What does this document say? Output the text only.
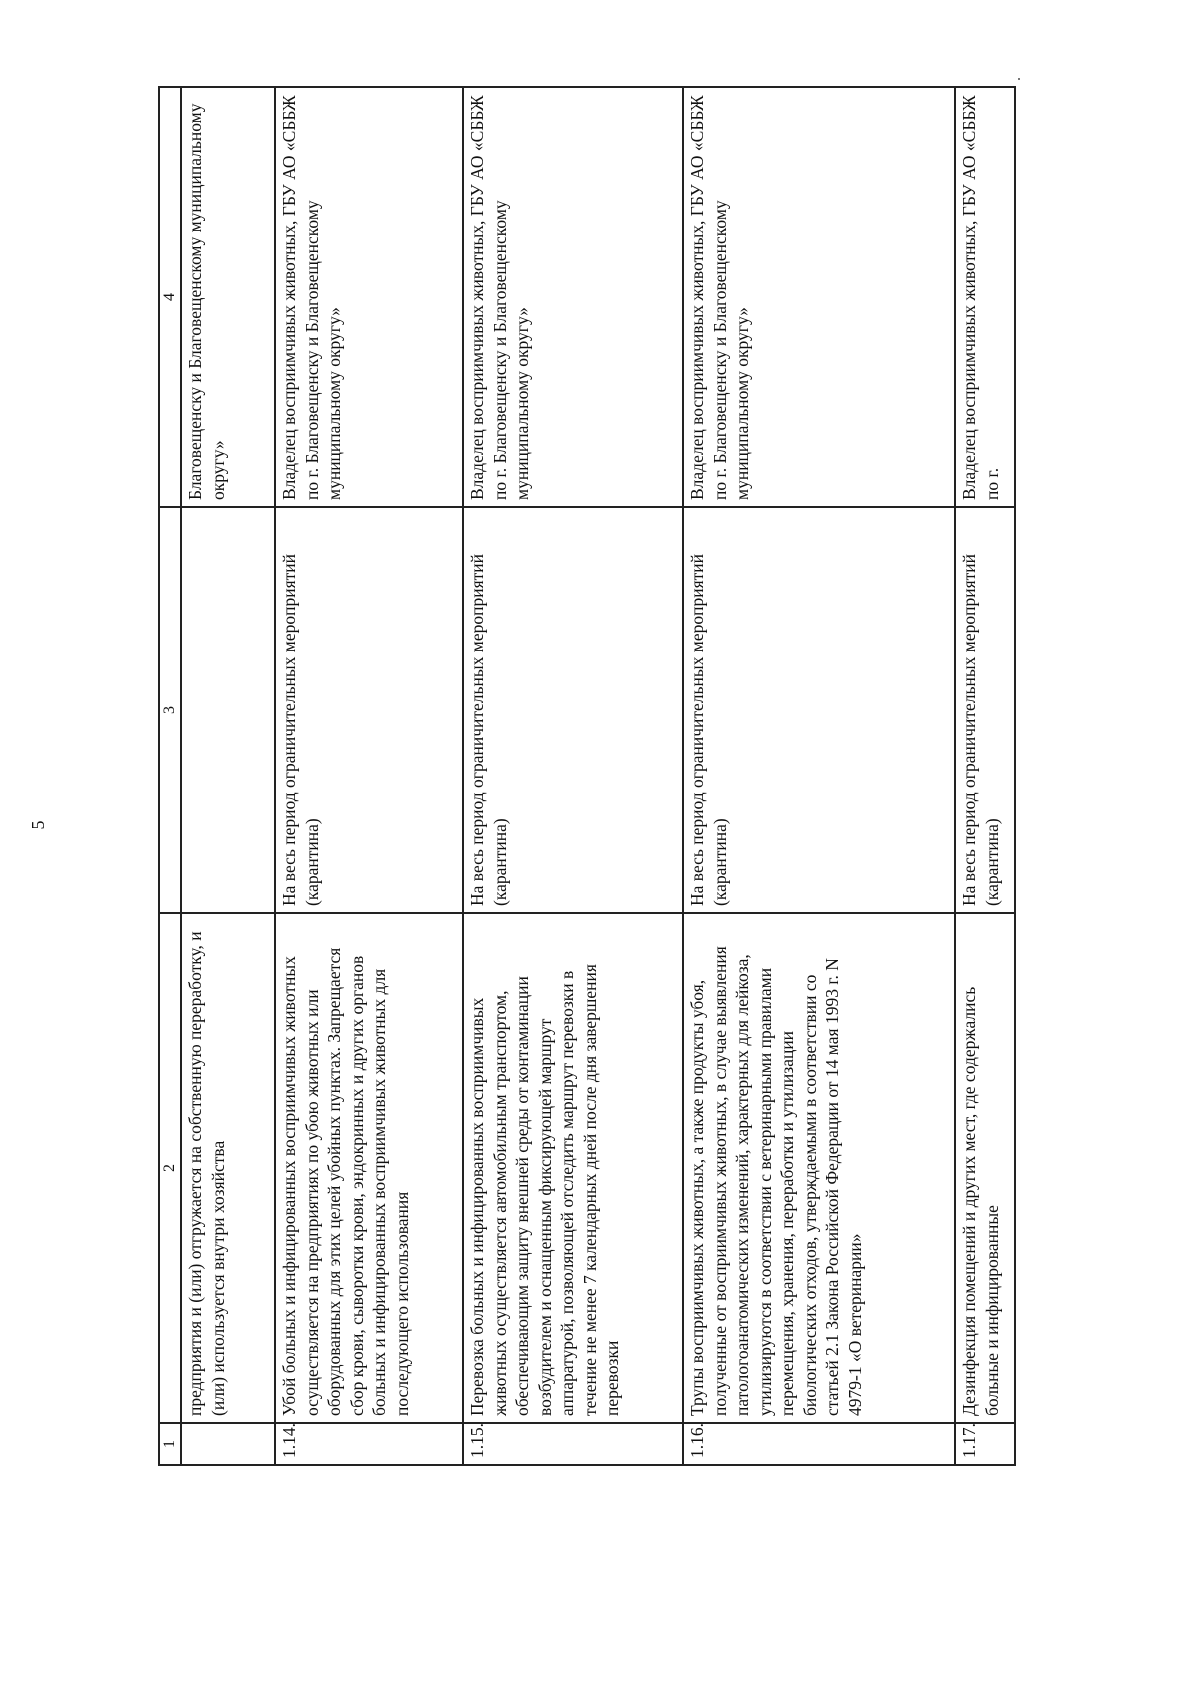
5
1	2	3	4
	предприятия и (или) отгружается на собственную переработку, и (или) используется внутри хозяйства		Благовещенску и Благовещенскому муниципальному округу»
1.14.	Убой больных и инфицированных восприимчивых животных осуществляется на предприятиях по убою животных или оборудованных для этих целей убойных пунктах. Запрещается сбор крови, сыворотки крови, эндокринных и других органов больных и инфицированных восприимчивых животных для последующего использования	На весь период ограничительных мероприятий (карантина)	Владелец восприимчивых животных, ГБУ АО «СББЖ по г. Благовещенску и Благовещенскому муниципальному округу»
1.15.	Перевозка больных и инфицированных восприимчивых животных осуществляется автомобильным транспортом, обеспечивающим защиту внешней среды от контаминации возбудителем и оснащенным фиксирующей маршрут аппаратурой, позволяющей отследить маршрут перевозки в течение не менее 7 календарных дней после дня завершения перевозки	На весь период ограничительных мероприятий (карантина)	Владелец восприимчивых животных, ГБУ АО «СББЖ по г. Благовещенску и Благовещенскому муниципальному округу»
1.16.	Трупы восприимчивых животных, а также продукты убоя, полученные от восприимчивых животных, в случае выявления патологоанатомических изменений, характерных для лейкоза, утилизируются в соответствии с ветеринарными правилами перемещения, хранения, переработки и утилизации биологических отходов, утверждаемыми в соответствии со статьей 2.1 Закона Российской Федерации от 14 мая 1993 г. N 4979-1 «О ветеринарии»	На весь период ограничительных мероприятий (карантина)	Владелец восприимчивых животных, ГБУ АО «СББЖ по г. Благовещенску и Благовещенскому муниципальному округу»
1.17.	Дезинфекция помещений и других мест, где содержались больные и инфицированные	На весь период ограничительных мероприятий (карантина)	Владелец восприимчивых животных, ГБУ АО «СББЖ по г.
